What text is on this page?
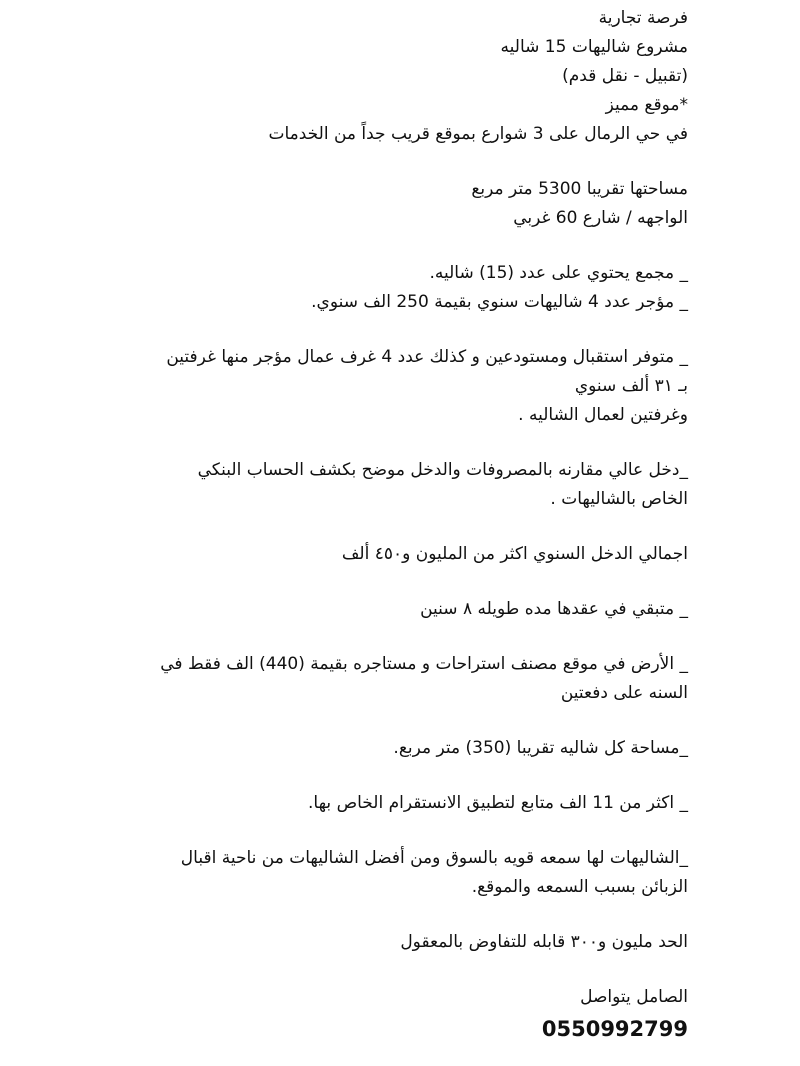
فرصة تجارية
مشروع شاليهات 15 شاليه
(تقبيل - نقل قدم)
*موقع مميز
في حي الرمال على 3 شوارع بموقع قريب جداً من الخدمات
مساحتها تقريبا 5300 متر مربع
الواجهه / شارع 60 غربي
_ مجمع يحتوي على عدد (15) شاليه.
_ مؤجر عدد 4 شاليهات سنوي بقيمة 250 الف سنوي.
_ متوفر استقبال ومستودعين و كذلك عدد 4 غرف عمال مؤجر منها غرفتين
بـ ٣١ ألف سنوي
وغرفتين لعمال الشاليه .
_دخل عالي مقارنه بالمصروفات والدخل موضح بكشف الحساب البنكي
الخاص بالشاليهات .
اجمالي الدخل السنوي اكثر من المليون و٤٥٠ ألف
_ متبقي في عقدها مده طويله ٨ سنين
_ الأرض في موقع مصنف استراحات و مستاجره بقيمة (440) الف فقط في
السنه على دفعتين
_مساحة كل شاليه تقريبا (350) متر مربع.
_ اكثر من 11 الف متابع لتطبيق الانستقرام الخاص بها.
_الشاليهات لها سمعه قويه بالسوق ومن أفضل الشاليهات من ناحية اقبال
الزبائن بسبب السمعه والموقع.
الحد مليون و٣٠٠ قابله للتفاوض بالمعقول
الصامل يتواصل
0550992799
